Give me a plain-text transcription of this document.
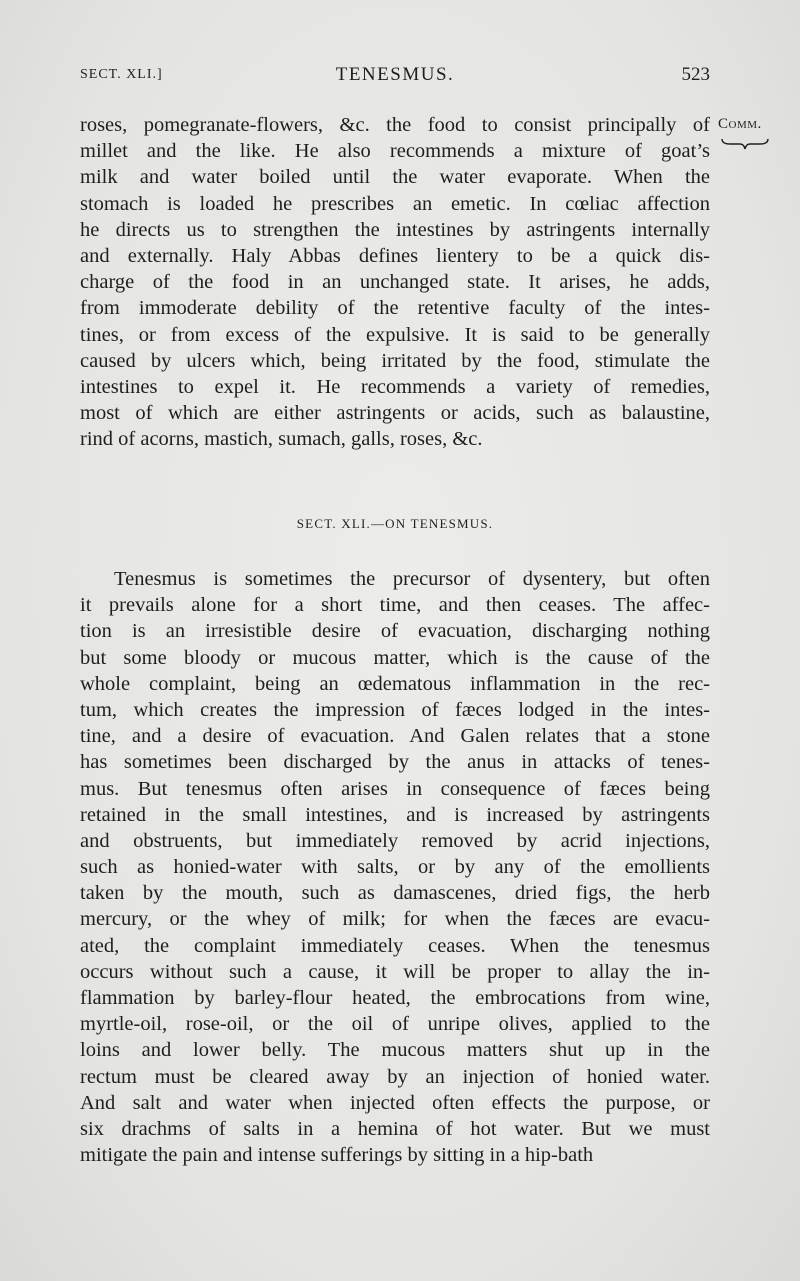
SECT. XLI.]	TENESMUS.	523
Comm.
roses, pomegranate-flowers, &c. the food to consist principally of
millet and the like. He also recommends a mixture of goat’s
milk and water boiled until the water evaporate. When the
stomach is loaded he prescribes an emetic. In cœliac affection
he directs us to strengthen the intestines by astringents internally
and externally. Haly Abbas defines lientery to be a quick dis-
charge of the food in an unchanged state. It arises, he adds,
from immoderate debility of the retentive faculty of the intes-
tines, or from excess of the expulsive. It is said to be generally
caused by ulcers which, being irritated by the food, stimulate the
intestines to expel it. He recommends a variety of remedies,
most of which are either astringents or acids, such as balaustine,
rind of acorns, mastich, sumach, galls, roses, &c.
SECT. XLI.—ON TENESMUS.
Tenesmus is sometimes the precursor of dysentery, but often
it prevails alone for a short time, and then ceases. The affec-
tion is an irresistible desire of evacuation, discharging nothing
but some bloody or mucous matter, which is the cause of the
whole complaint, being an œdematous inflammation in the rec-
tum, which creates the impression of fæces lodged in the intes-
tine, and a desire of evacuation. And Galen relates that a stone
has sometimes been discharged by the anus in attacks of tenes-
mus. But tenesmus often arises in consequence of fæces being
retained in the small intestines, and is increased by astringents
and obstruents, but immediately removed by acrid injections,
such as honied-water with salts, or by any of the emollients
taken by the mouth, such as damascenes, dried figs, the herb
mercury, or the whey of milk; for when the fæces are evacu-
ated, the complaint immediately ceases. When the tenesmus
occurs without such a cause, it will be proper to allay the in-
flammation by barley-flour heated, the embrocations from wine,
myrtle-oil, rose-oil, or the oil of unripe olives, applied to the
loins and lower belly. The mucous matters shut up in the
rectum must be cleared away by an injection of honied water.
And salt and water when injected often effects the purpose, or
six drachms of salts in a hemina of hot water. But we must
mitigate the pain and intense sufferings by sitting in a hip-bath
